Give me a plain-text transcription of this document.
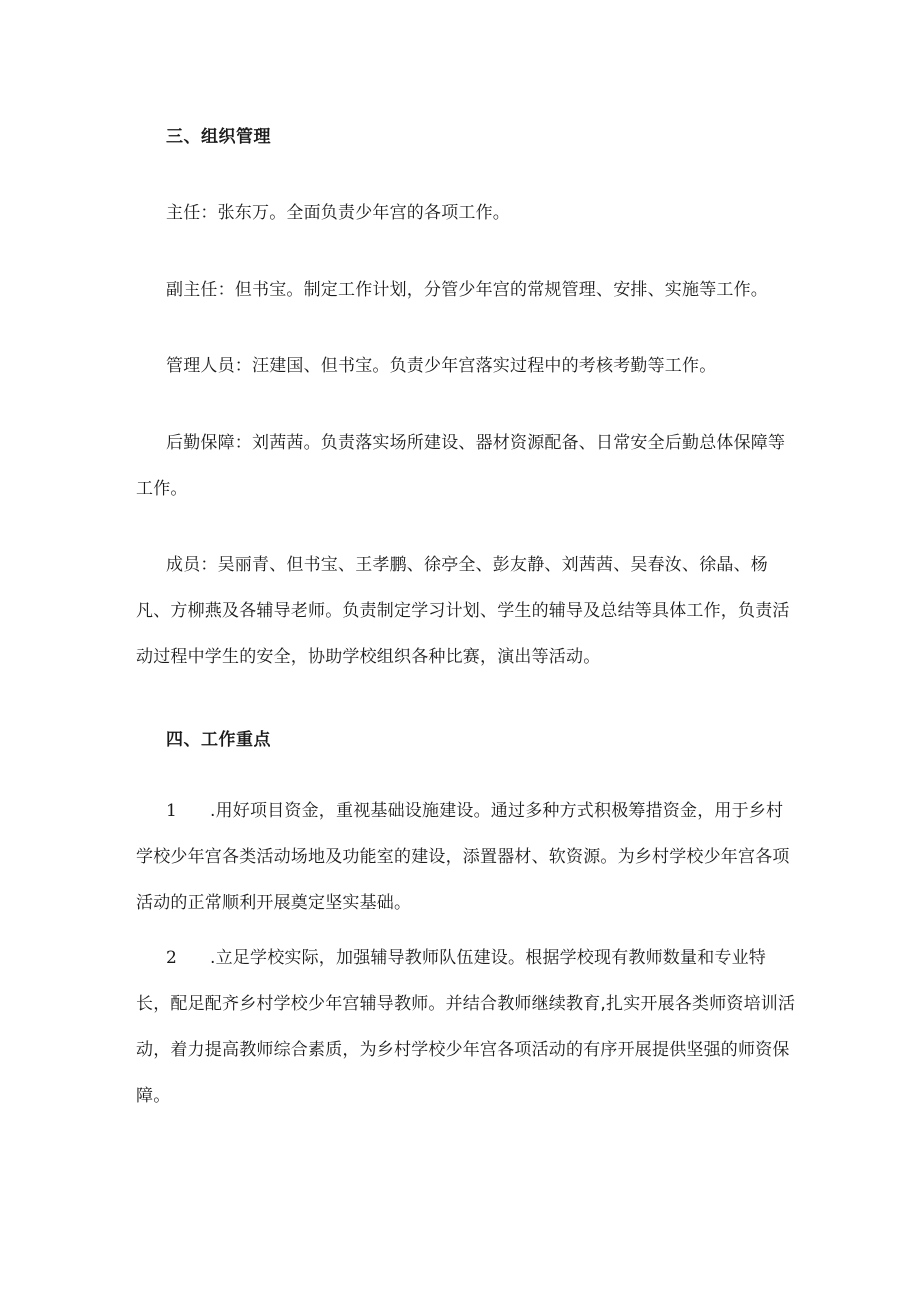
三、组织管理

主任：张东万。全面负责少年宫的各项工作。

副主任：但书宝。制定工作计划，分管少年宫的常规管理、安排、实施等工作。

管理人员：汪建国、但书宝。负责少年宫落实过程中的考核考勤等工作。

后勤保障：刘茜茜。负责落实场所建设、器材资源配备、日常安全后勤总体保障等工作。

成员：吴丽青、但书宝、王孝鹏、徐亭全、彭友静、刘茜茜、吴春汝、徐晶、杨凡、方柳燕及各辅导老师。负责制定学习计划、学生的辅导及总结等具体工作，负责活动过程中学生的安全，协助学校组织各种比赛，演出等活动。

四、工作重点

1 .用好项目资金，重视基础设施建设。通过多种方式积极筹措资金，用于乡村学校少年宫各类活动场地及功能室的建设，添置器材、软资源。为乡村学校少年宫各项活动的正常顺利开展奠定坚实基础。

2 .立足学校实际，加强辅导教师队伍建设。根据学校现有教师数量和专业特长，配足配齐乡村学校少年宫辅导教师。并结合教师继续教育,扎实开展各类师资培训活动，着力提高教师综合素质，为乡村学校少年宫各项活动的有序开展提供坚强的师资保障。
